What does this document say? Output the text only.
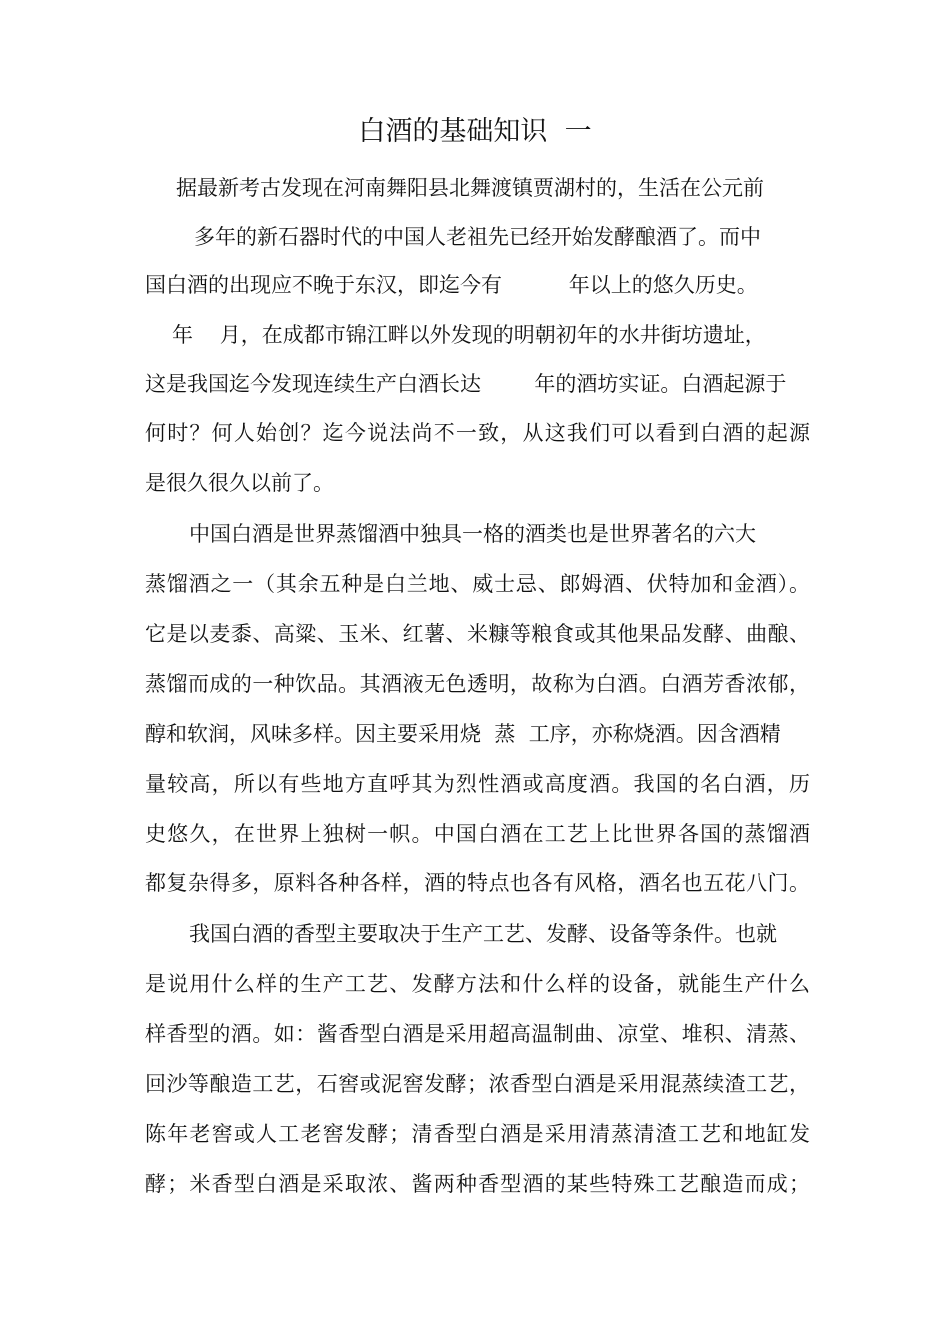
白酒的基础知识  一
据最新考古发现在河南舞阳县北舞渡镇贾湖村的，生活在公元前
多年的新石器时代的中国人老祖先已经开始发酵酿酒了。而中
国白酒的出现应不晚于东汉，即迄今有          年以上的悠久历史。
年    月，在成都市锦江畔以外发现的明朝初年的水井街坊遗址，
这是我国迄今发现连续生产白酒长达        年的酒坊实证。白酒起源于
何时？何人始创？迄今说法尚不一致，从这我们可以看到白酒的起源
是很久很久以前了。
中国白酒是世界蒸馏酒中独具一格的酒类也是世界著名的六大
蒸馏酒之一（其余五种是白兰地、威士忌、郎姆酒、伏特加和金酒）。
它是以麦黍、高粱、玉米、红薯、米糠等粮食或其他果品发酵、曲酿、
蒸馏而成的一种饮品。其酒液无色透明，故称为白酒。白酒芳香浓郁，
醇和软润，风味多样。因主要采用烧  蒸  工序，亦称烧酒。因含酒精
量较高，所以有些地方直呼其为烈性酒或高度酒。我国的名白酒，历
史悠久，在世界上独树一帜。中国白酒在工艺上比世界各国的蒸馏酒
都复杂得多，原料各种各样，酒的特点也各有风格，酒名也五花八门。
我国白酒的香型主要取决于生产工艺、发酵、设备等条件。也就
是说用什么样的生产工艺、发酵方法和什么样的设备，就能生产什么
样香型的酒。如：酱香型白酒是采用超高温制曲、凉堂、堆积、清蒸、
回沙等酿造工艺，石窖或泥窖发酵；浓香型白酒是采用混蒸续渣工艺，
陈年老窖或人工老窖发酵；清香型白酒是采用清蒸清渣工艺和地缸发
酵；米香型白酒是采取浓、酱两种香型酒的某些特殊工艺酿造而成；
